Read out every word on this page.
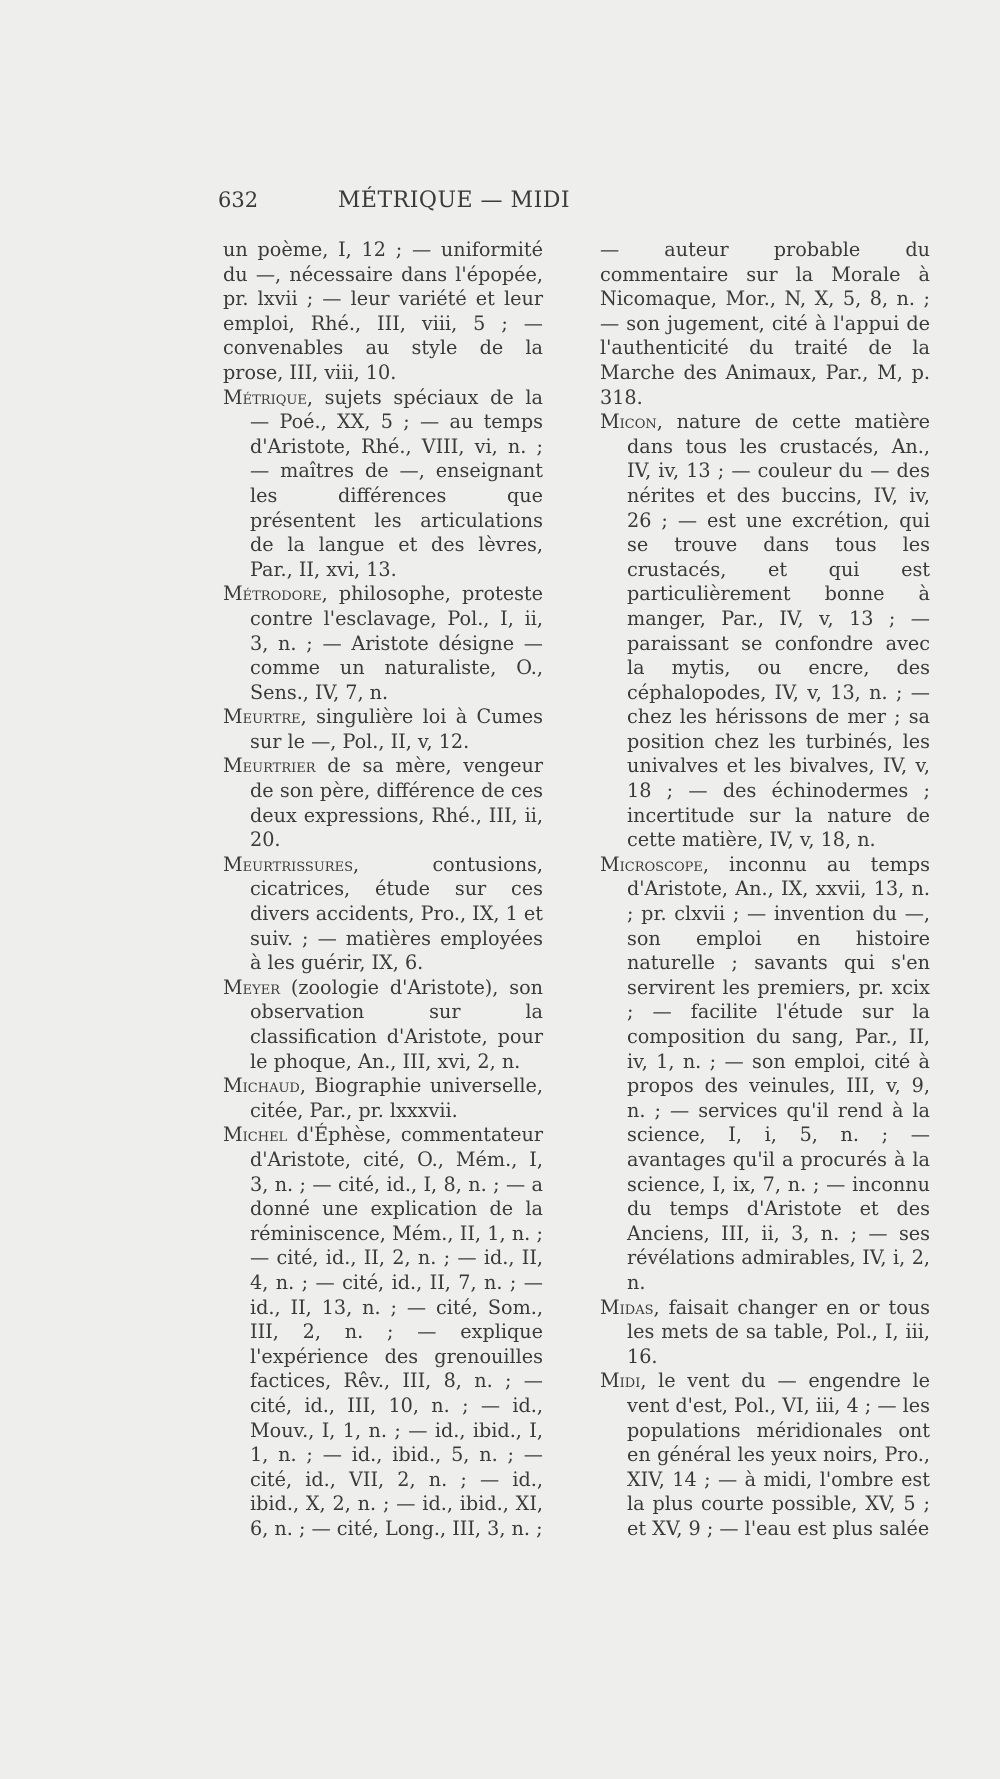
632	MÉTRIQUE — MIDI

un poème, I, 12 ; — uniformité du —, nécessaire dans l'épopée, pr. lxvii ; — leur variété et leur emploi, Rhé., III, viii, 5 ; — convenables au style de la prose, III, viii, 10.

Métrique, sujets spéciaux de la — Poé., XX, 5 ; — au temps d'Aristote, Rhé., VIII, vi, n. ; — maîtres de —, enseignant les différences que présentent les articulations de la langue et des lèvres, Par., II, xvi, 13.

Métrodore, philosophe, proteste contre l'esclavage, Pol., I, ii, 3, n. ; — Aristote désigne — comme un naturaliste, O., Sens., IV, 7, n.

Meurtre, singulière loi à Cumes sur le —, Pol., II, v, 12.

Meurtrier de sa mère, vengeur de son père, différence de ces deux expressions, Rhé., III, ii, 20.

Meurtrissures,	contusions, cicatrices, étude sur ces divers accidents, Pro., IX, 1 et suiv. ; — matières employées à les guérir, IX, 6.

Meyer (zoologie d'Aristote), son observation sur la classification d'Aristote, pour le phoque, An., III, xvi, 2, n.

Michaud, Biographie universelle, citée, Par., pr. lxxxvii.

Michel d'Éphèse, commentateur d'Aristote, cité, O., Mém., I, 3, n. ; — cité, id., I, 8, n. ; — a donné une explication de la réminiscence, Mém., II, 1, n. ; — cité, id., II, 2, n. ; — id., II, 4, n. ; — cité, id., II, 7, n. ; — id., II, 13, n. ; — cité, Som., III, 2, n. ; — explique l'expérience des grenouilles factices, Rêv., III, 8, n. ; — cité, id., III, 10, n. ; — id., Mouv., I, 1, n. ; — id., ibid., I, 1, n. ; — id., ibid., 5, n. ; — cité, id., VII, 2, n. ; — id., ibid., X, 2, n. ; — id., ibid., XI, 6, n. ; — cité, Long., III, 3, n. ;

— auteur probable du commentaire sur la Morale à Nicomaque, Mor., N, X, 5, 8, n. ; — son jugement, cité à l'appui de l'authenticité du traité de la Marche des Animaux, Par., M, p. 318.

Micon, nature de cette matière dans tous les crustacés, An., IV, iv, 13 ; — couleur du — des nérites et des buccins, IV, iv, 26 ; — est une excrétion, qui se trouve dans tous les crustacés, et qui est particulièrement bonne à manger, Par., IV, v, 13 ; — paraissant se confondre avec la mytis, ou encre, des céphalopodes, IV, v, 13, n. ; — chez les hérissons de mer ; sa position chez les turbinés, les univalves et les bivalves, IV, v, 18 ; — des échinodermes ; incertitude sur la nature de cette matière, IV, v, 18, n.

Microscope, inconnu au temps d'Aristote, An., IX, xxvii, 13, n. ; pr. clxvii ; — invention du —, son emploi en histoire naturelle ; savants qui s'en servirent les premiers, pr. xcix ; — facilite l'étude sur la composition du sang, Par., II, iv, 1, n. ; — son emploi, cité à propos des veinules, III, v, 9, n. ; — services qu'il rend à la science, I, i, 5, n. ; — avantages qu'il a procurés à la science, I, ix, 7, n. ; — inconnu du temps d'Aristote et des Anciens, III, ii, 3, n. ; — ses révélations admirables, IV, i, 2, n.

Midas, faisait changer en or tous les mets de sa table, Pol., I, iii, 16.

Midi, le vent du — engendre le vent d'est, Pol., VI, iii, 4 ; — les populations méridionales ont en général les yeux noirs, Pro., XIV, 14 ; — à midi, l'ombre est la plus courte possible, XV, 5 ; et XV, 9 ; — l'eau est plus salée
